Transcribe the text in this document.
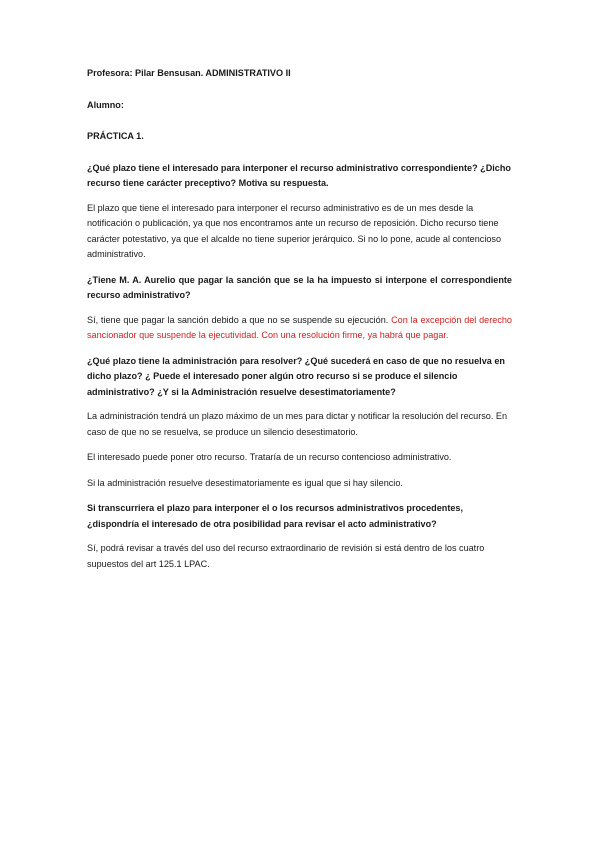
Profesora: Pilar Bensusan. ADMINISTRATIVO II

Alumno:

PRÁCTICA 1.

¿Qué plazo tiene el interesado para interponer el recurso administrativo correspondiente? ¿Dicho recurso tiene carácter preceptivo? Motiva su respuesta.

El plazo que tiene el interesado para interponer el recurso administrativo es de un mes desde la notificación o publicación, ya que nos encontramos ante un recurso de reposición. Dicho recurso tiene carácter potestativo, ya que el alcalde no tiene superior jerárquico. Si no lo pone, acude al contencioso administrativo.

¿Tiene M. A. Aurelio que pagar la sanción que se la ha impuesto si interpone el correspondiente recurso administrativo?

Sí, tiene que pagar la sanción debido a que no se suspende su ejecución. Con la excepción del derecho sancionador que suspende la ejecutividad. Con una resolución firme, ya habrá que pagar.

¿Qué plazo tiene la administración para resolver? ¿Qué sucederá en caso de que no resuelva en dicho plazo? ¿ Puede el interesado poner algún otro recurso si se produce el silencio administrativo? ¿Y si la Administración resuelve desestimatoriamente?

La administración tendrá un plazo máximo de un mes para dictar y notificar la resolución del recurso. En caso de que no se resuelva, se produce un silencio desestimatorio.

El interesado puede poner otro recurso. Trataría de un recurso contencioso administrativo.

Si la administración resuelve desestimatoriamente es igual que si hay silencio.

Si transcurriera el plazo para interponer el o los recursos administrativos procedentes, ¿dispondría el interesado de otra posibilidad para revisar el acto administrativo?

Sí, podrá revisar a través del uso del recurso extraordinario de revisión si está dentro de los cuatro supuestos del art 125.1 LPAC.
